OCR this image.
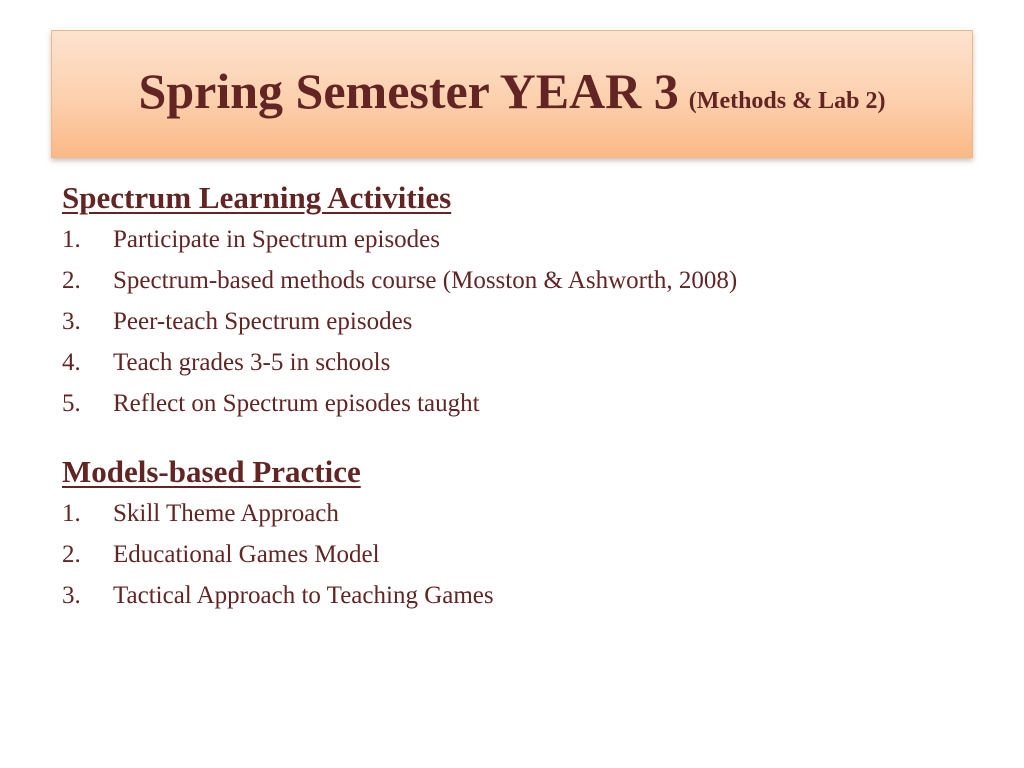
Spring Semester YEAR 3 (Methods & Lab 2)
Spectrum Learning Activities
1. Participate in Spectrum episodes
2. Spectrum-based methods course (Mosston & Ashworth, 2008)
3. Peer-teach Spectrum episodes
4. Teach grades 3-5 in schools
5. Reflect on Spectrum episodes taught
Models-based Practice
1. Skill Theme Approach
2. Educational Games Model
3. Tactical Approach to Teaching Games
